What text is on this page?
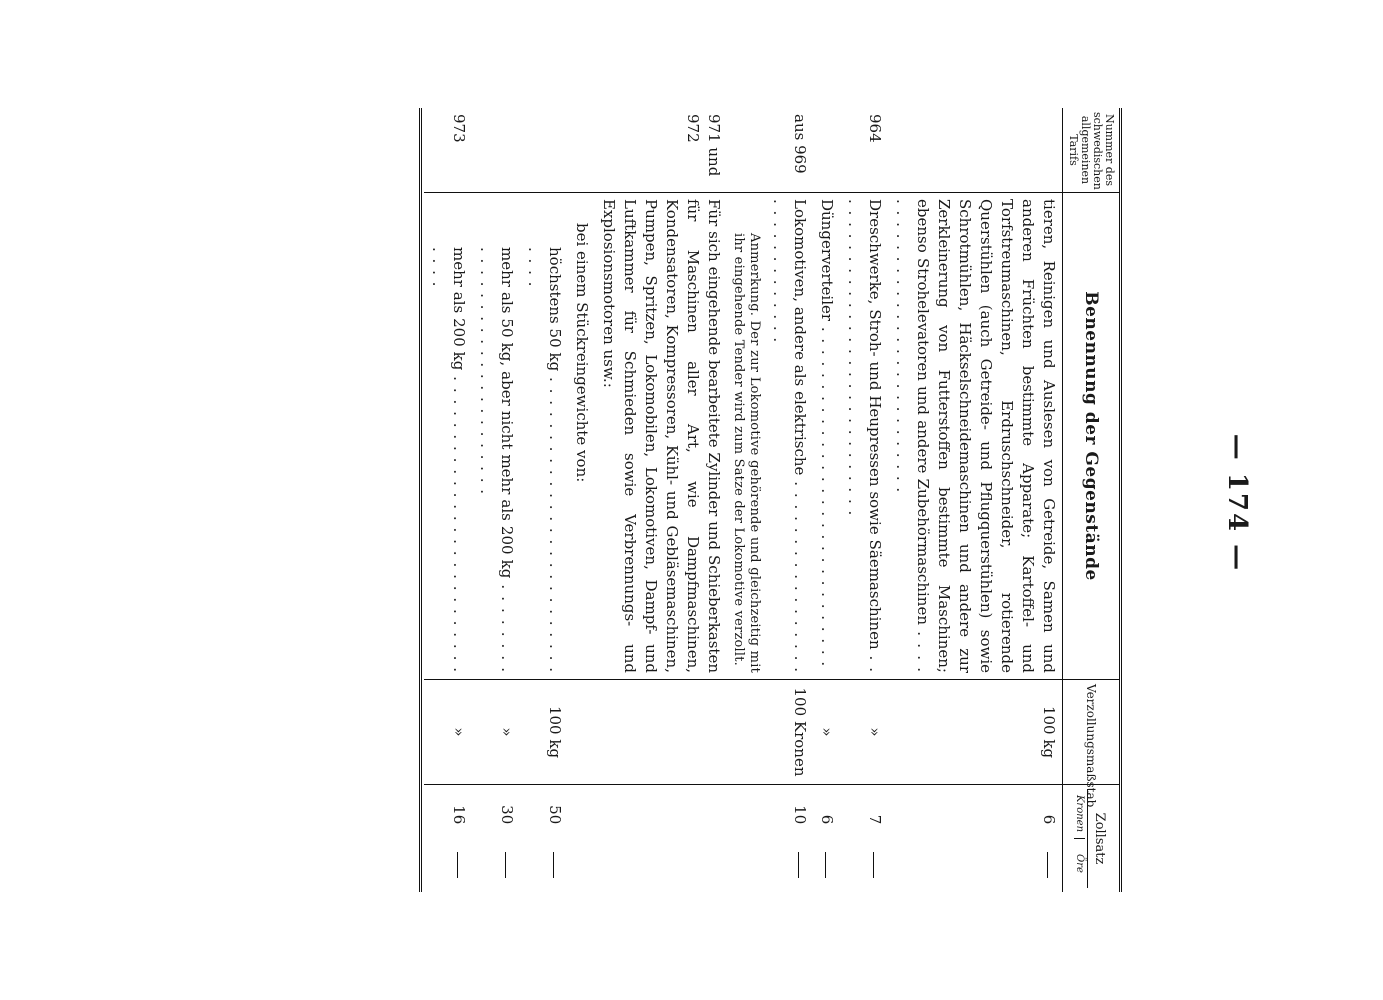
— 174 —
Nummer des schwedischen allgemeinen Tarifs	Benennung der Gegenstände	Verzollungsmaßstab	Zollsatz
Kronen
Öre	

	tieren, Reinigen und Auslesen von Getreide, Samen und anderen Früchten bestimmte Apparate; Kartoffel- und Torfstreumaschinen, Erdruschschneider, rotierende Querstühlen (auch Getreide- und Pflugquerstühlen) sowie Schrotmühlen, Häckselschneidemaschinen und andere zur Zerkleinerung von Futterstoffen bestimmte Maschinen; ebenso Strohelevatoren und andere Zubehörmaschinen . . .	100 kg	6	
964	Dreschwerke, Stroh- und Heupressen sowie Säemaschinen . . .	»	7	
	Düngerverteiler . . .	»	6	
aus 969	Lokomotiven, andere als elektrische . . .	100 Kronen	10	
	Anmerkung. Der zur Lokomotive gehörende und gleichzeitig mit ihr eingehende Tender wird zum Satze der Lokomotive verzollt.			
971 und 972	Für sich eingehende bearbeitete Zylinder und Schieberkasten für Maschinen aller Art, wie Dampfmaschinen, Kondensatoren, Kompressoren, Kühl- und Gebläsemaschinen, Pumpen, Spritzen, Lokomobilen, Lokomotiven, Dampf- und Luftkammer für Schmieden sowie Verbrennungs- und Explosionsmotoren usw.:			
	bei einem Stückreingewichte von:			
	höchstens 50 kg . . .	100 kg	50	
	mehr als 50 kg, aber nicht mehr als 200 kg . . .	»	30	
973	mehr als 200 kg . . .	»	16	
